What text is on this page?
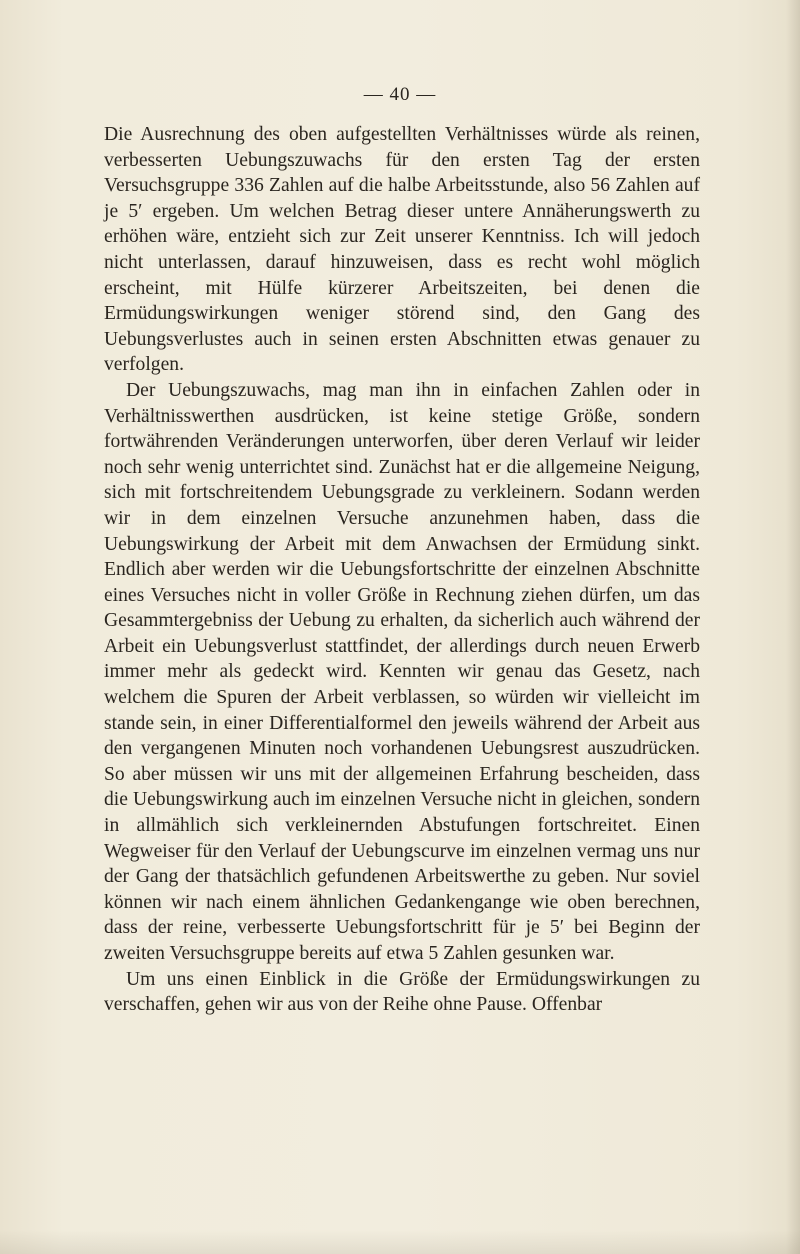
— 40 —

Die Ausrechnung des oben aufgestellten Verhältnisses würde als reinen, verbesserten Uebungszuwachs für den ersten Tag der ersten Versuchsgruppe 336 Zahlen auf die halbe Arbeitsstunde, also 56 Zahlen auf je 5′ ergeben. Um welchen Betrag dieser untere Annäherungswerth zu erhöhen wäre, entzieht sich zur Zeit unserer Kenntniss. Ich will jedoch nicht unterlassen, darauf hinzuweisen, dass es recht wohl möglich erscheint, mit Hülfe kürzerer Arbeitszeiten, bei denen die Ermüdungswirkungen weniger störend sind, den Gang des Uebungsverlustes auch in seinen ersten Abschnitten etwas genauer zu verfolgen.

Der Uebungszuwachs, mag man ihn in einfachen Zahlen oder in Verhältnisswerthen ausdrücken, ist keine stetige Größe, sondern fortwährenden Veränderungen unterworfen, über deren Verlauf wir leider noch sehr wenig unterrichtet sind. Zunächst hat er die allgemeine Neigung, sich mit fortschreitendem Uebungsgrade zu verkleinern. Sodann werden wir in dem einzelnen Versuche anzunehmen haben, dass die Uebungswirkung der Arbeit mit dem Anwachsen der Ermüdung sinkt. Endlich aber werden wir die Uebungsfortschritte der einzelnen Abschnitte eines Versuches nicht in voller Größe in Rechnung ziehen dürfen, um das Gesammtergebniss der Uebung zu erhalten, da sicherlich auch während der Arbeit ein Uebungsverlust stattfindet, der allerdings durch neuen Erwerb immer mehr als gedeckt wird. Kennten wir genau das Gesetz, nach welchem die Spuren der Arbeit verblassen, so würden wir vielleicht im stande sein, in einer Differentialformel den jeweils während der Arbeit aus den vergangenen Minuten noch vorhandenen Uebungsrest auszudrücken. So aber müssen wir uns mit der allgemeinen Erfahrung bescheiden, dass die Uebungswirkung auch im einzelnen Versuche nicht in gleichen, sondern in allmählich sich verkleinernden Abstufungen fortschreitet. Einen Wegweiser für den Verlauf der Uebungscurve im einzelnen vermag uns nur der Gang der thatsächlich gefundenen Arbeitswerthe zu geben. Nur soviel können wir nach einem ähnlichen Gedankengange wie oben berechnen, dass der reine, verbesserte Uebungsfortschritt für je 5′ bei Beginn der zweiten Versuchsgruppe bereits auf etwa 5 Zahlen gesunken war.

Um uns einen Einblick in die Größe der Ermüdungswirkungen zu verschaffen, gehen wir aus von der Reihe ohne Pause. Offenbar
